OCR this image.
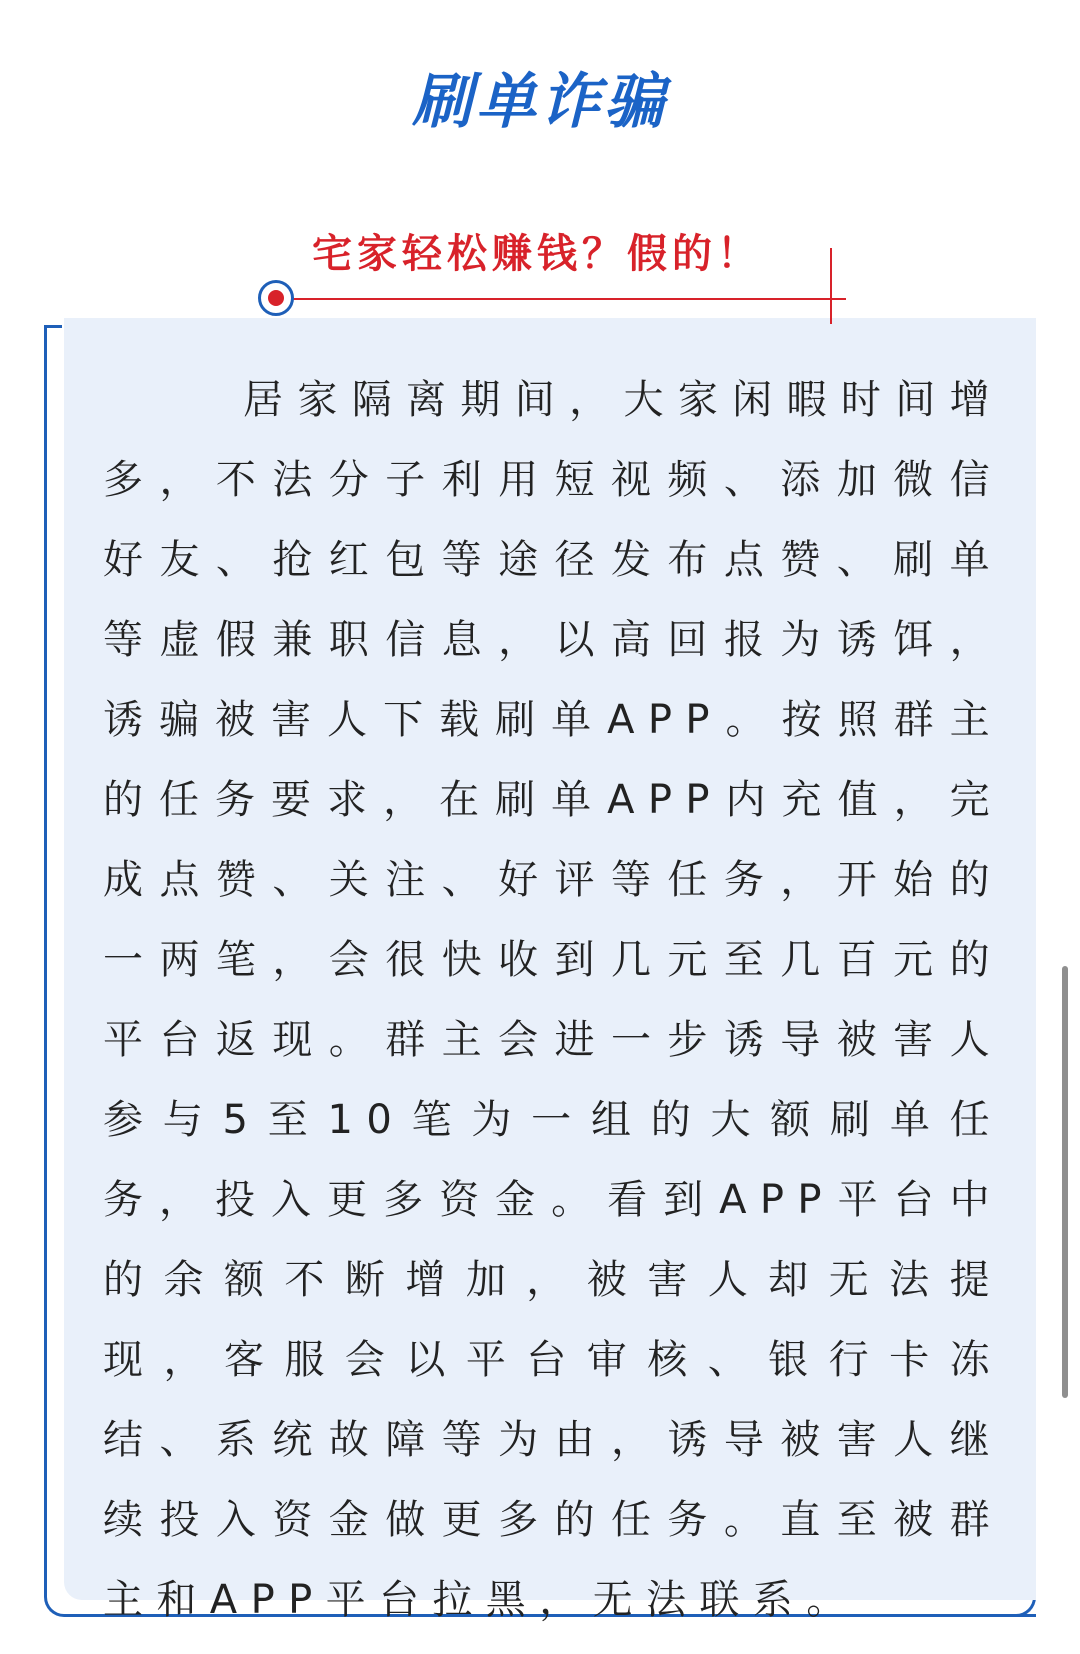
刷单诈骗
宅家轻松赚钱？假的！

居家隔离期间，大家闲暇时间增多，不法分子利用短视频、添加微信好友、抢红包等途径发布点赞、刷单等虚假兼职信息，以高回报为诱饵，诱骗被害人下载刷单APP。按照群主的任务要求，在刷单APP内充值，完成点赞、关注、好评等任务，开始的一两笔，会很快收到几元至几百元的平台返现。群主会进一步诱导被害人参与5至10笔为一组的大额刷单任务，投入更多资金。看到APP平台中的余额不断增加，被害人却无法提现，客服会以平台审核、银行卡冻结、系统故障等为由，诱导被害人继续投入资金做更多的任务。直至被群主和APP平台拉黑，无法联系。
